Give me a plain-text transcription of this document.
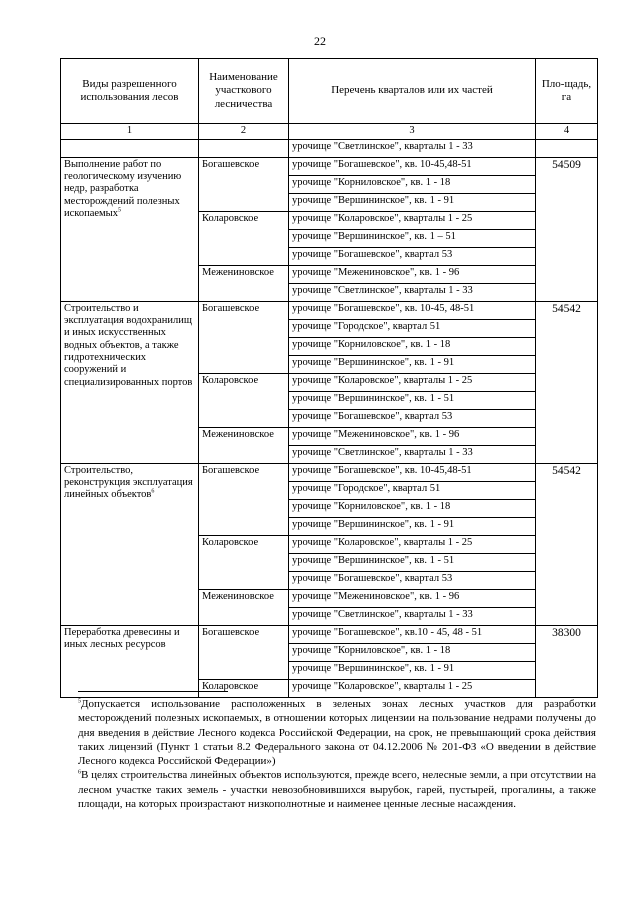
22
Виды разрешенного использования лесов	Наименование участкового лесничества	Перечень кварталов или их частей	Пло-щадь, га
1	2	3	4
		урочище "Светлинское", кварталы 1 - 33	
Выполнение работ по геологическому изучению недр, разработка месторождений полезных ископаемых$^5$	Богашевское	урочище "Богашевское", кв. 10-45,48-51	54509
		урочище "Корниловское", кв. 1 - 18	
		урочище "Вершининское", кв. 1 - 91	
	Коларовское	урочище "Коларовское", кварталы 1 - 25	
		урочище "Вершининское", кв. 1 – 51	
		урочище "Богашевское", квартал 53	
	Межениновское	урочище "Межениновское", кв. 1 - 96	
		урочище "Светлинское", кварталы 1 - 33	
Строительство и эксплуатация водохранилищ и иных искусственных водных объектов, а также гидротехнических сооружений и специализированных портов	Богашевское	урочище "Богашевское", кв. 10-45, 48-51	54542
		урочище "Городское", квартал 51	
		урочище "Корниловское", кв. 1 - 18	
		урочище "Вершининское", кв. 1 - 91	
	Коларовское	урочище "Коларовское", кварталы 1 - 25	
		урочище "Вершининское", кв. 1 - 51	
		урочище "Богашевское", квартал 53	
	Межениновское	урочище "Межениновское", кв. 1 - 96	
		урочище "Светлинское", кварталы 1 - 33	
Строительство, реконструкция эксплуатация линейных объектов$^6$	Богашевское	урочище "Богашевское", кв. 10-45,48-51	54542
		урочище "Городское", квартал 51	
		урочище "Корниловское", кв. 1 - 18	
		урочище "Вершининское", кв. 1 - 91	
	Коларовское	урочище "Коларовское", кварталы 1 - 25	
		урочище "Вершининское", кв. 1 - 51	
		урочище "Богашевское", квартал 53	
	Межениновское	урочище "Межениновское", кв. 1 - 96	
		урочище "Светлинское", кварталы 1 - 33	
Переработка древесины и иных лесных ресурсов	Богашевское	урочище "Богашевское", кв.10 - 45, 48 - 51	38300
		урочище "Корниловское", кв. 1 - 18	
		урочище "Вершининское", кв. 1 - 91	
	Коларовское	урочище "Коларовское", кварталы 1 - 25	

$^5$Допускается использование расположенных в зеленых зонах лесных участков для разработки месторождений полезных ископаемых, в отношении которых лицензии на пользование недрами получены до дня введения в действие Лесного кодекса Российской Федерации, на срок, не превышающий срока действия таких лицензий (Пункт 1 статьи 8.2 Федерального закона от 04.12.2006 № 201-ФЗ «О введении в действие Лесного кодекса Российской Федерации»)

$^6$В целях строительства линейных объектов используются, прежде всего, нелесные земли, а при отсутствии на лесном участке таких земель - участки невозобновившихся вырубок, гарей, пустырей, прогалины, а также площади, на которых произрастают низкополнотные и наименее ценные лесные насаждения.
